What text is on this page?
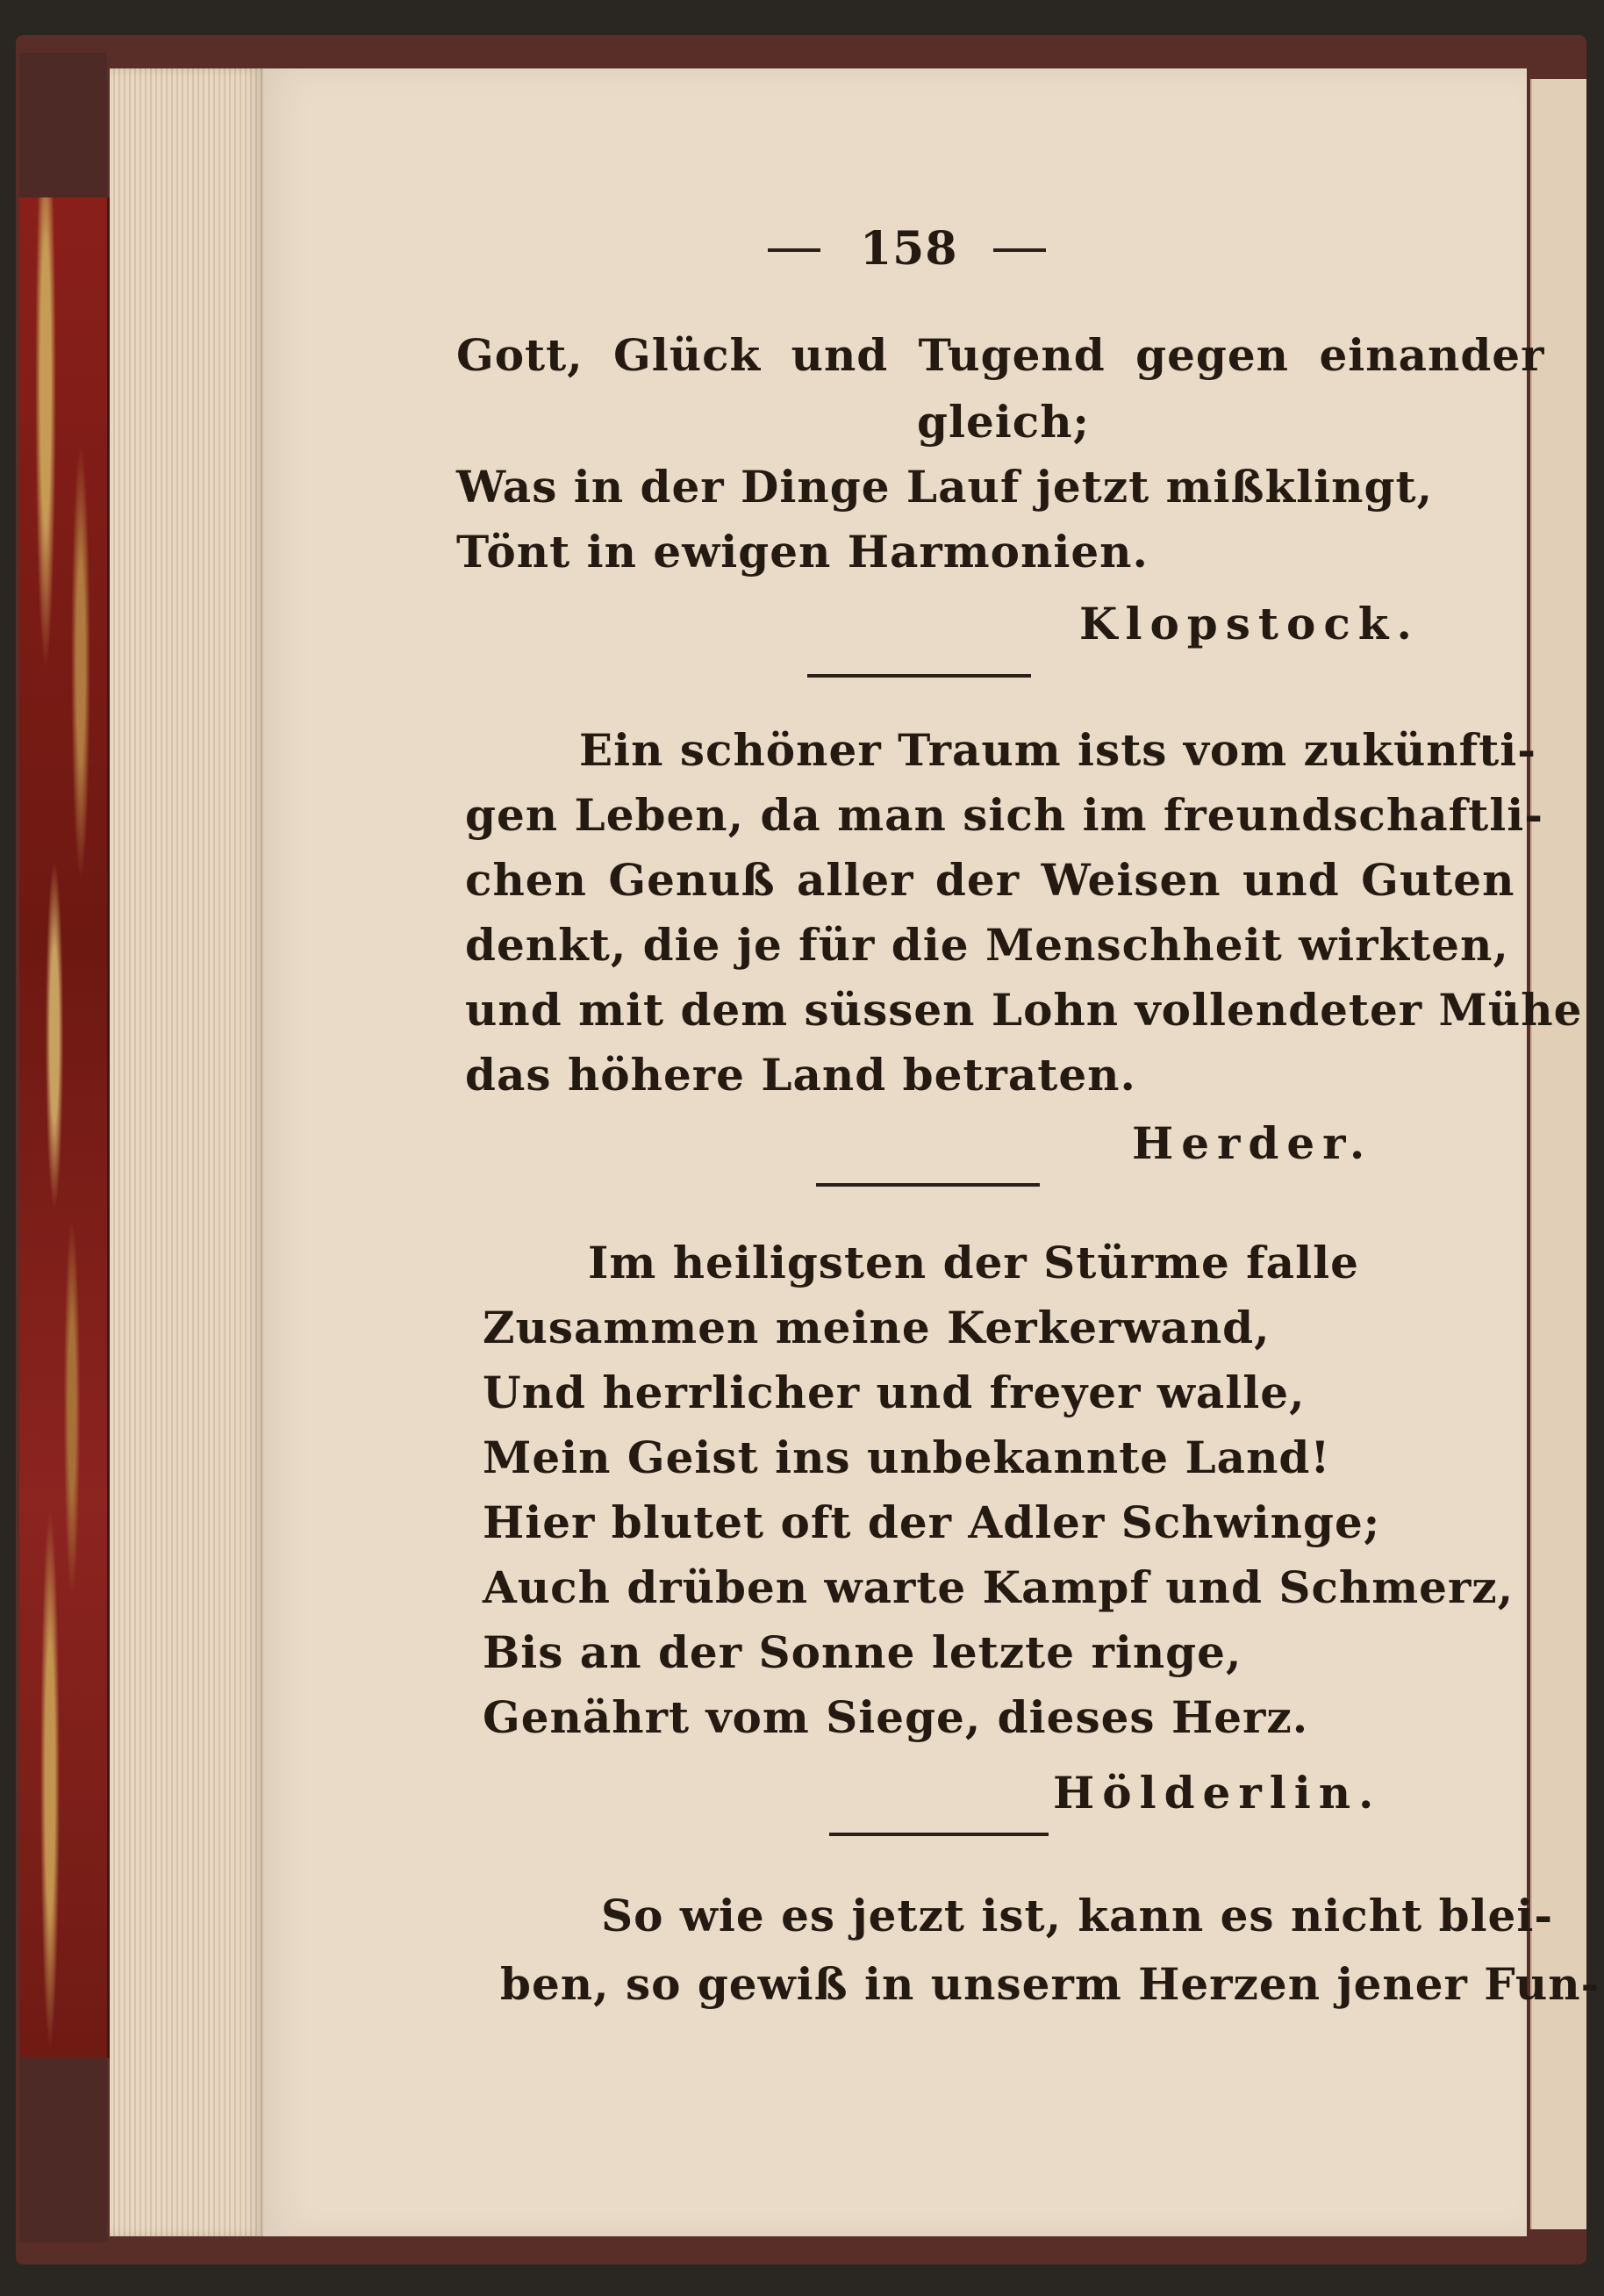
158
Gott, Glück und Tugend gegen einander
gleich;
Was in der Dinge Lauf jetzt mißklingt,
Tönt in ewigen Harmonien.
Klopstock.
Ein schöner Traum ists vom zukünfti-
gen Leben, da man sich im freundschaftli-
chen Genuß aller der Weisen und Guten
denkt, die je für die Menschheit wirkten,
und mit dem süssen Lohn vollendeter Mühe
das höhere Land betraten.
Herder.
Im heiligsten der Stürme falle
Zusammen meine Kerkerwand,
Und herrlicher und freyer walle,
Mein Geist ins unbekannte Land!
Hier blutet oft der Adler Schwinge;
Auch drüben warte Kampf und Schmerz,
Bis an der Sonne letzte ringe,
Genährt vom Siege, dieses Herz.
Hölderlin.
So wie es jetzt ist, kann es nicht blei-
ben, so gewiß in unserm Herzen jener Fun-
